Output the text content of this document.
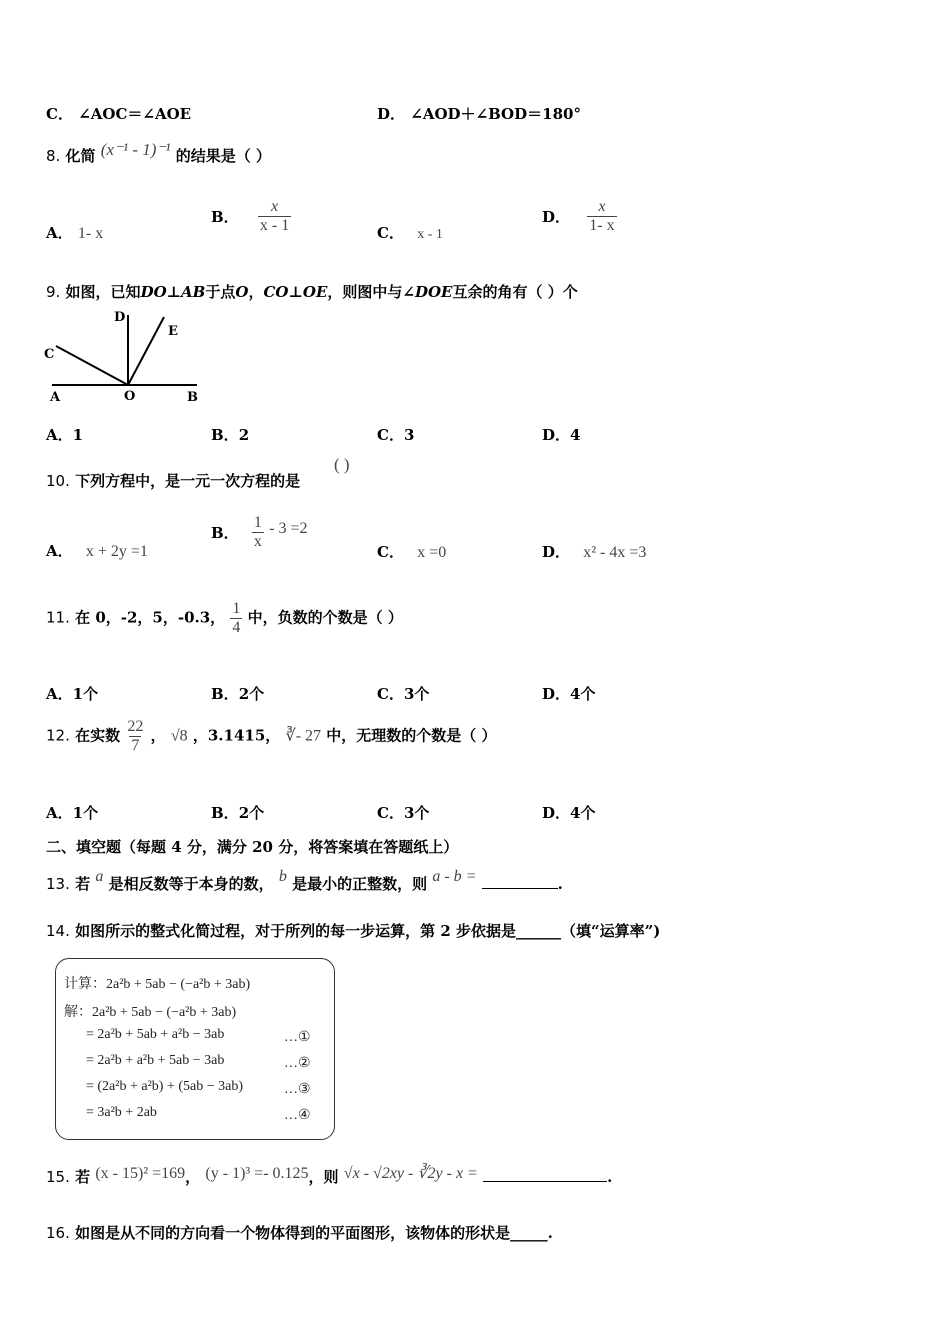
C． ∠AOC＝∠AOE	D． ∠AOD＋∠BOD＝180°
8. 化简 (x⁻¹ - 1)⁻¹ 的结果是（ ）
A． 1- x
B． $\frac{x}{x - 1}$	C． x - 1
D． $\frac{x}{1- x}$
9. 如图，已知DO⊥AB于点O，CO⊥OE，则图中与∠DOE互余的角有（ ）个
D
E
C
A	O	B
A．1	B．2	C．3	D．4
10. 下列方程中，是一元一次方程的是
( )
A． x + 2y =1
B． $\frac{1}{x} - 3 =2$
C． x =0	D． x² - 4x =3
11. 在 0，-2，5，-0.3， $\frac{1}{4}$ 中，负数的个数是（ ）
A．1个	B．2个	C．3个	D．4个
12. 在实数 $\frac{22}{7}$ ， √8 ，3.1415， ∛- 27 中，无理数的个数是（ ）
A．1个	B．2个	C．3个	D．4个
二、填空题（每题 4 分，满分 20 分，将答案填在答题纸上）
13. 若 a 是相反数等于本身的数， b 是最小的正整数，则 a - b =	.
14. 如图所示的整式化简过程，对于所列的每一步运算，第 2 步依据是______（填“运算率”)
计算：2a²b + 5ab − (−a²b + 3ab)
解：2a²b + 5ab − (−a²b + 3ab)
= 2a²b + 5ab + a²b − 3ab	…①
= 2a²b + a²b + 5ab − 3ab	…②
= (2a²b + a²b) + (5ab − 3ab)	…③
= 3a²b + 2ab	…④
15. 若 (x - 15)² =169， (y - 1)³ =- 0.125，则 √x - √2xy - ∛2y - x =	.
16. 如图是从不同的方向看一个物体得到的平面图形，该物体的形状是_____.
